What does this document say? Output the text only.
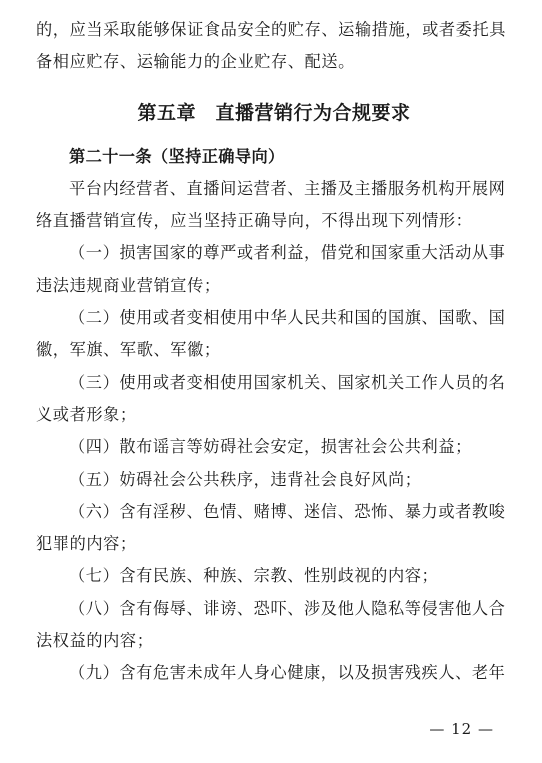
的，应当采取能够保证食品安全的贮存、运输措施，或者委托具
备相应贮存、运输能力的企业贮存、配送。
第五章　直播营销行为合规要求
第二十一条（坚持正确导向）
平台内经营者、直播间运营者、主播及主播服务机构开展网
络直播营销宣传，应当坚持正确导向，不得出现下列情形：
（一）损害国家的尊严或者利益，借党和国家重大活动从事
违法违规商业营销宣传；
（二）使用或者变相使用中华人民共和国的国旗、国歌、国
徽，军旗、军歌、军徽；
（三）使用或者变相使用国家机关、国家机关工作人员的名
义或者形象；
（四）散布谣言等妨碍社会安定，损害社会公共利益；
（五）妨碍社会公共秩序，违背社会良好风尚；
（六）含有淫秽、色情、赌博、迷信、恐怖、暴力或者教唆
犯罪的内容；
（七）含有民族、种族、宗教、性别歧视的内容；
（八）含有侮辱、诽谤、恐吓、涉及他人隐私等侵害他人合
法权益的内容；
（九）含有危害未成年人身心健康，以及损害残疾人、老年
— 12 —
